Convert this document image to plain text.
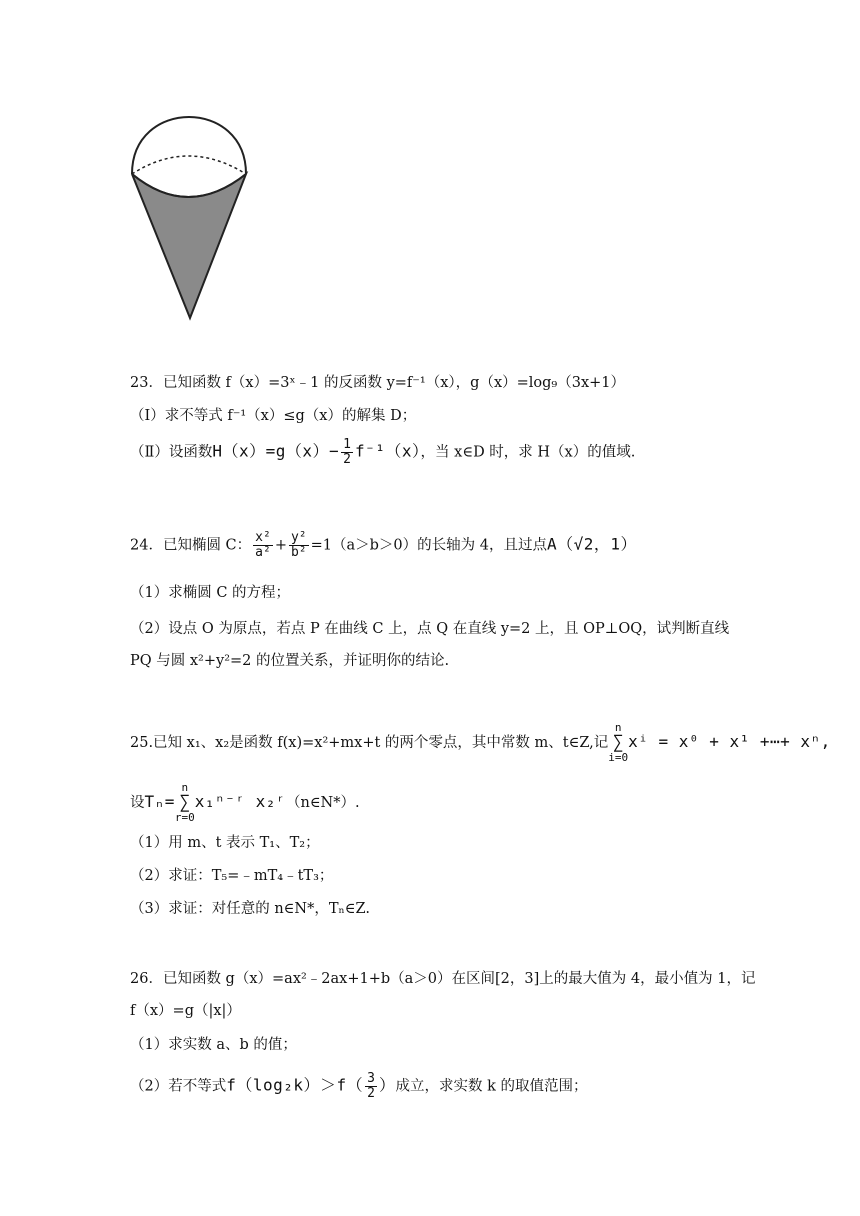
23．已知函数 f（x）=3ˣ﹣1 的反函数 y=f⁻¹（x），g（x）=log₉（3x+1）
（Ⅰ）求不等式 f⁻¹（x）≤g（x）的解集 D；
（Ⅱ）设函数$H(x)=g(x)- \frac{1}{2} f^{-1}(x)$，当 x∈D 时，求 H（x）的值域.
24．已知椭圆 C： $\frac{\text{x²}}{\text{a²}} + \frac{\text{y²}}{\text{b²}} =1(a>b>0)$的长轴为 4，且过点A（√2，1）
（1）求椭圆 C 的方程；
（2）设点 O 为原点，若点 P 在曲线 C 上，点 Q 在直线 y=2 上，且 OP⊥OQ，试判断直线
PQ 与圆 x²+y²=2 的位置关系，并证明你的结论.
25.已知 x₁、x₂是函数 f(x)=x²+mx+t 的两个零点，其中常数 m、t∈Z,记
n
∑
i=0
xⁱ = x⁰ + x¹ +⋯+ xⁿ,
设Tₙ=
n
∑
r=0
x₁ⁿ⁻ʳ x₂ʳ（n∈N*）.
（1）用 m、t 表示 T₁、T₂；
（2）求证：T₅=﹣mT₄﹣tT₃；
（3）求证：对任意的 n∈N*，Tₙ∈Z.
26．已知函数 g（x）=ax²﹣2ax+1+b（a＞0）在区间[2，3]上的最大值为 4，最小值为 1，记
f（x）=g（|x|）
（1）求实数 a、b 的值；
（2）若不等式$f(\log_2k)>f( \frac{3}{2}$ ）成立，求实数 k 的取值范围；
